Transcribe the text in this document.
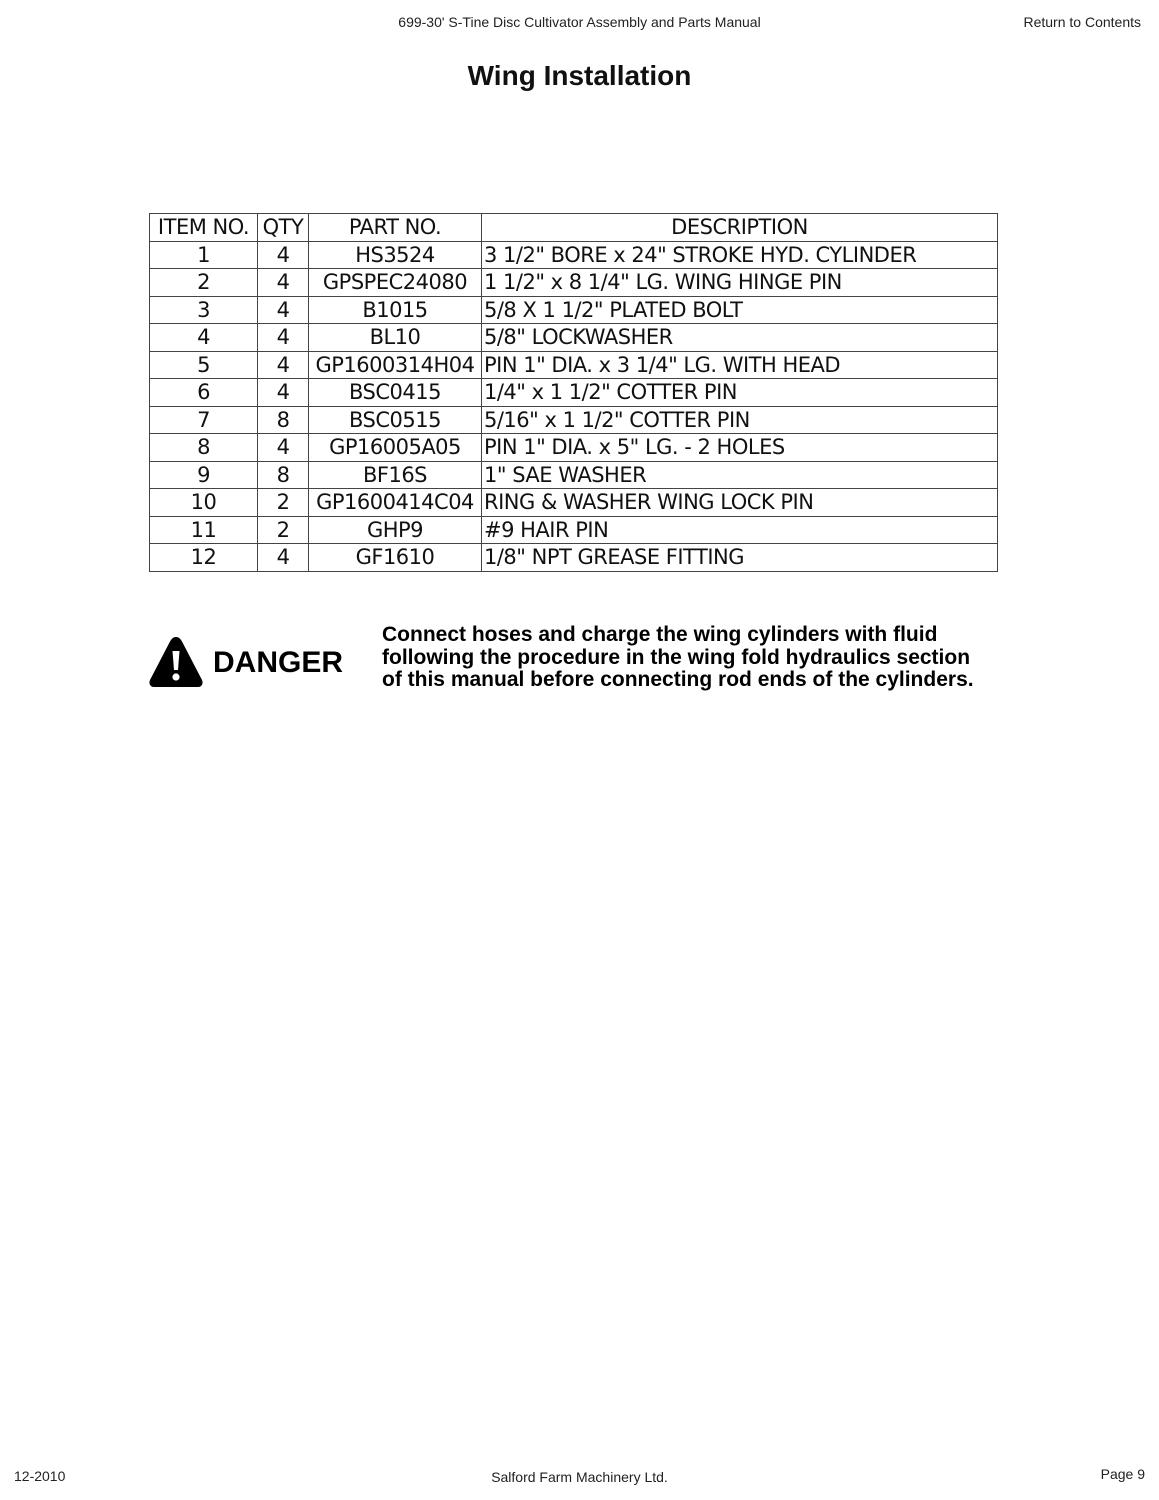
699-30' S-Tine Disc Cultivator Assembly and Parts Manual	Return to Contents
Wing Installation
ITEM NO.	QTY	PART NO.	DESCRIPTION
1	4	HS3524	3 1/2" BORE x 24" STROKE HYD. CYLINDER
2	4	GPSPEC24080	1 1/2" x 8 1/4" LG. WING HINGE PIN
3	4	B1015	5/8 X 1 1/2" PLATED BOLT
4	4	BL10	5/8" LOCKWASHER
5	4	GP1600314H04	PIN 1" DIA. x 3 1/4" LG. WITH HEAD
6	4	BSC0415	1/4" x 1 1/2" COTTER PIN
7	8	BSC0515	5/16" x 1 1/2" COTTER PIN
8	4	GP16005A05	PIN 1" DIA. x 5" LG. - 2 HOLES
9	8	BF16S	1" SAE WASHER
10	2	GP1600414C04	RING & WASHER WING LOCK PIN
11	2	GHP9	#9 HAIR PIN
12	4	GF1610	1/8" NPT GREASE FITTING
DANGER
Connect hoses and charge the wing cylinders with fluid
following the procedure in the wing fold hydraulics section
of this manual before connecting rod ends of the cylinders.
12-2010	Salford Farm Machinery Ltd.	Page 9
